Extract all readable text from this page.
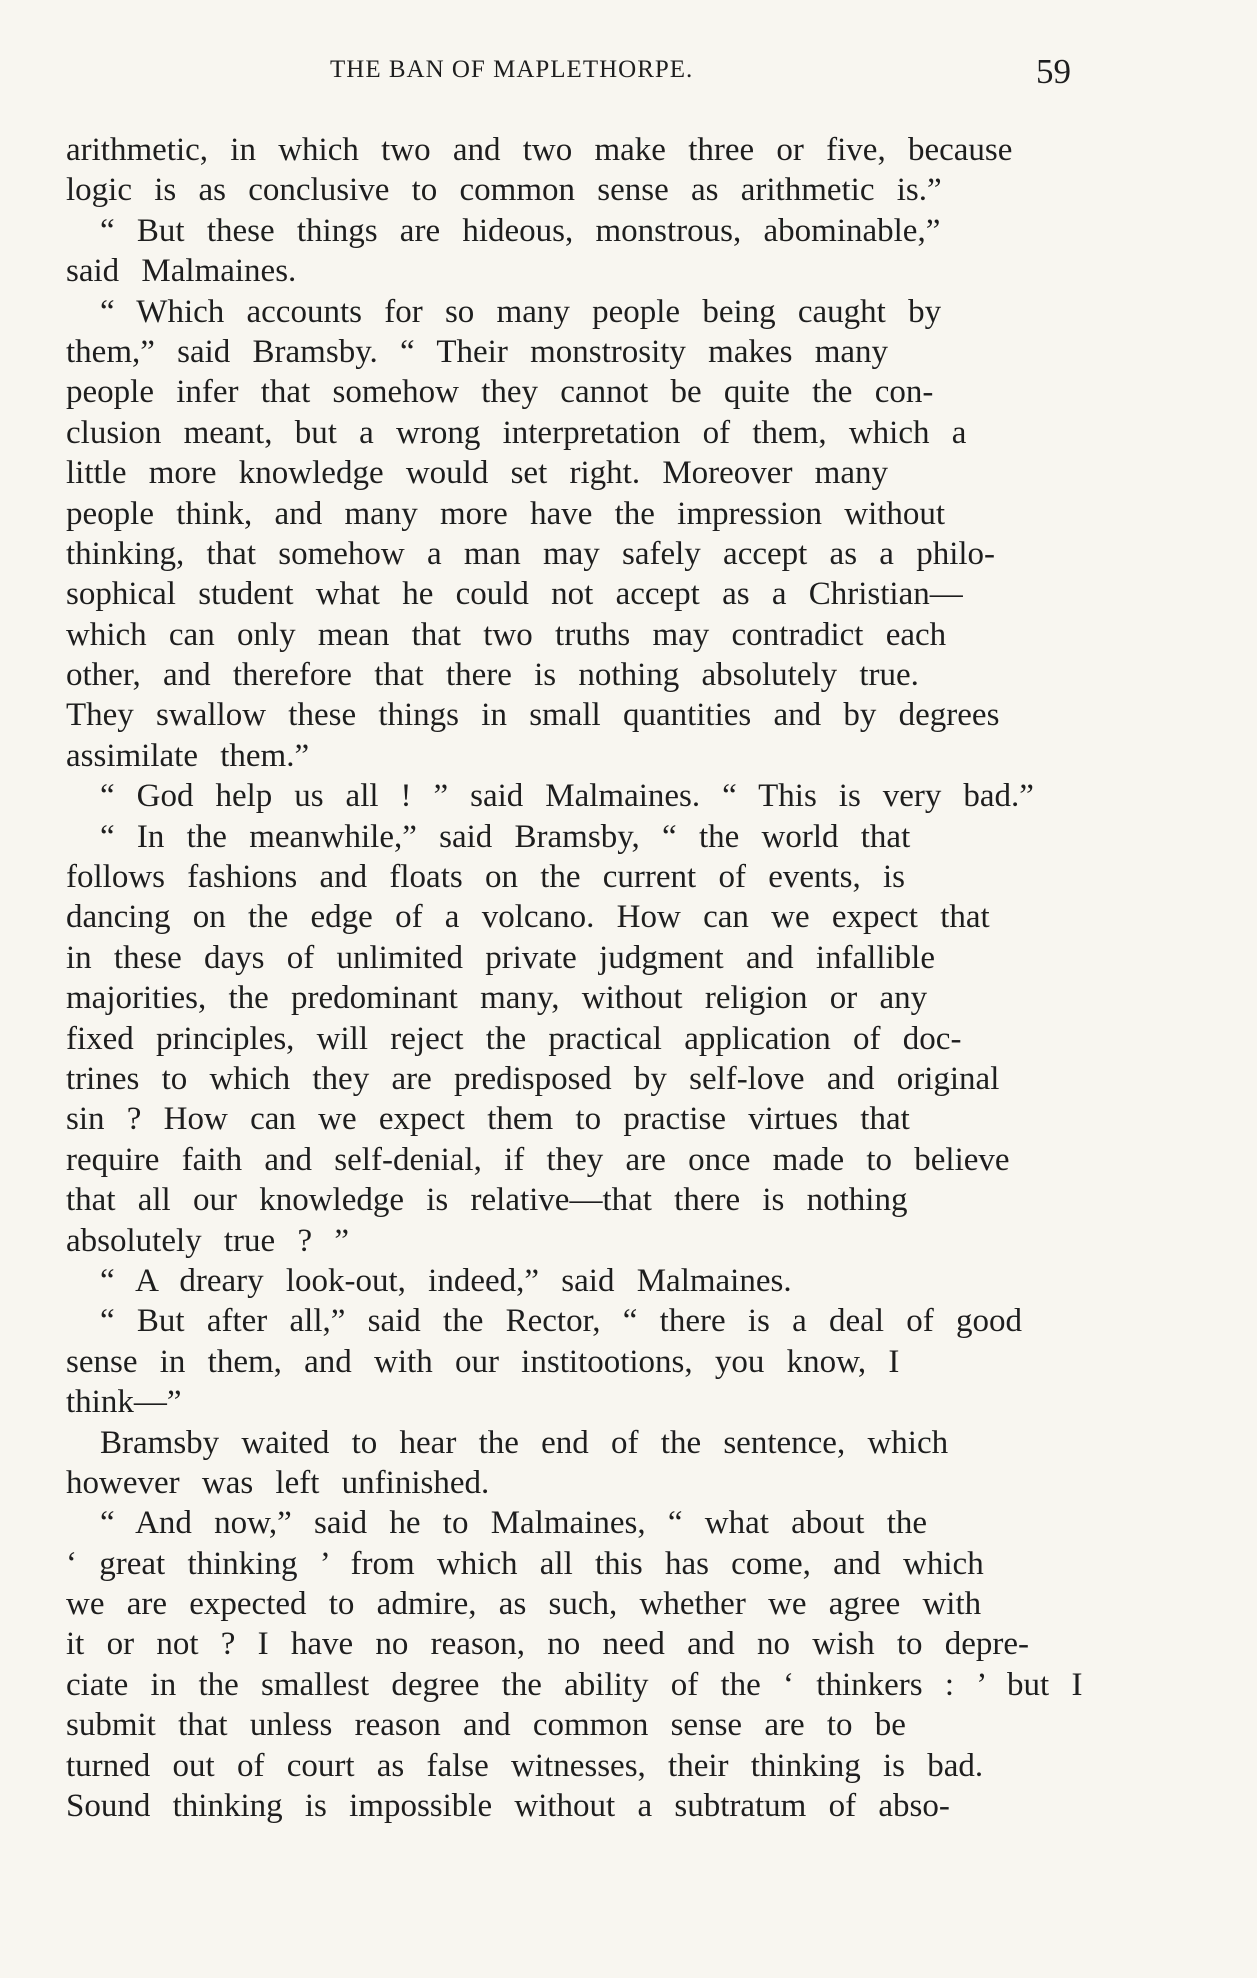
THE BAN OF MAPLETHORPE.	59
arithmetic, in which two and two make three or five, because
logic is as conclusive to common sense as arithmetic is.”
“ But these things are hideous, monstrous, abominable,”
said Malmaines.
“ Which accounts for so many people being caught by
them,” said Bramsby. “ Their monstrosity makes many
people infer that somehow they cannot be quite the con-
clusion meant, but a wrong interpretation of them, which a
little more knowledge would set right. Moreover many
people think, and many more have the impression without
thinking, that somehow a man may safely accept as a philo-
sophical student what he could not accept as a Christian—
which can only mean that two truths may contradict each
other, and therefore that there is nothing absolutely true.
They swallow these things in small quantities and by degrees
assimilate them.”
“ God help us all ! ” said Malmaines. “ This is very bad.”
“ In the meanwhile,” said Bramsby, “ the world that
follows fashions and floats on the current of events, is
dancing on the edge of a volcano. How can we expect that
in these days of unlimited private judgment and infallible
majorities, the predominant many, without religion or any
fixed principles, will reject the practical application of doc-
trines to which they are predisposed by self-love and original
sin ? How can we expect them to practise virtues that
require faith and self-denial, if they are once made to believe
that all our knowledge is relative—that there is nothing
absolutely true ? ”
“ A dreary look-out, indeed,” said Malmaines.
“ But after all,” said the Rector, “ there is a deal of good
sense in them, and with our institootions, you know, I
think—”
Bramsby waited to hear the end of the sentence, which
however was left unfinished.
“ And now,” said he to Malmaines, “ what about the
‘ great thinking ’ from which all this has come, and which
we are expected to admire, as such, whether we agree with
it or not ? I have no reason, no need and no wish to depre-
ciate in the smallest degree the ability of the ‘ thinkers : ’ but I
submit that unless reason and common sense are to be
turned out of court as false witnesses, their thinking is bad.
Sound thinking is impossible without a subtratum of abso-
